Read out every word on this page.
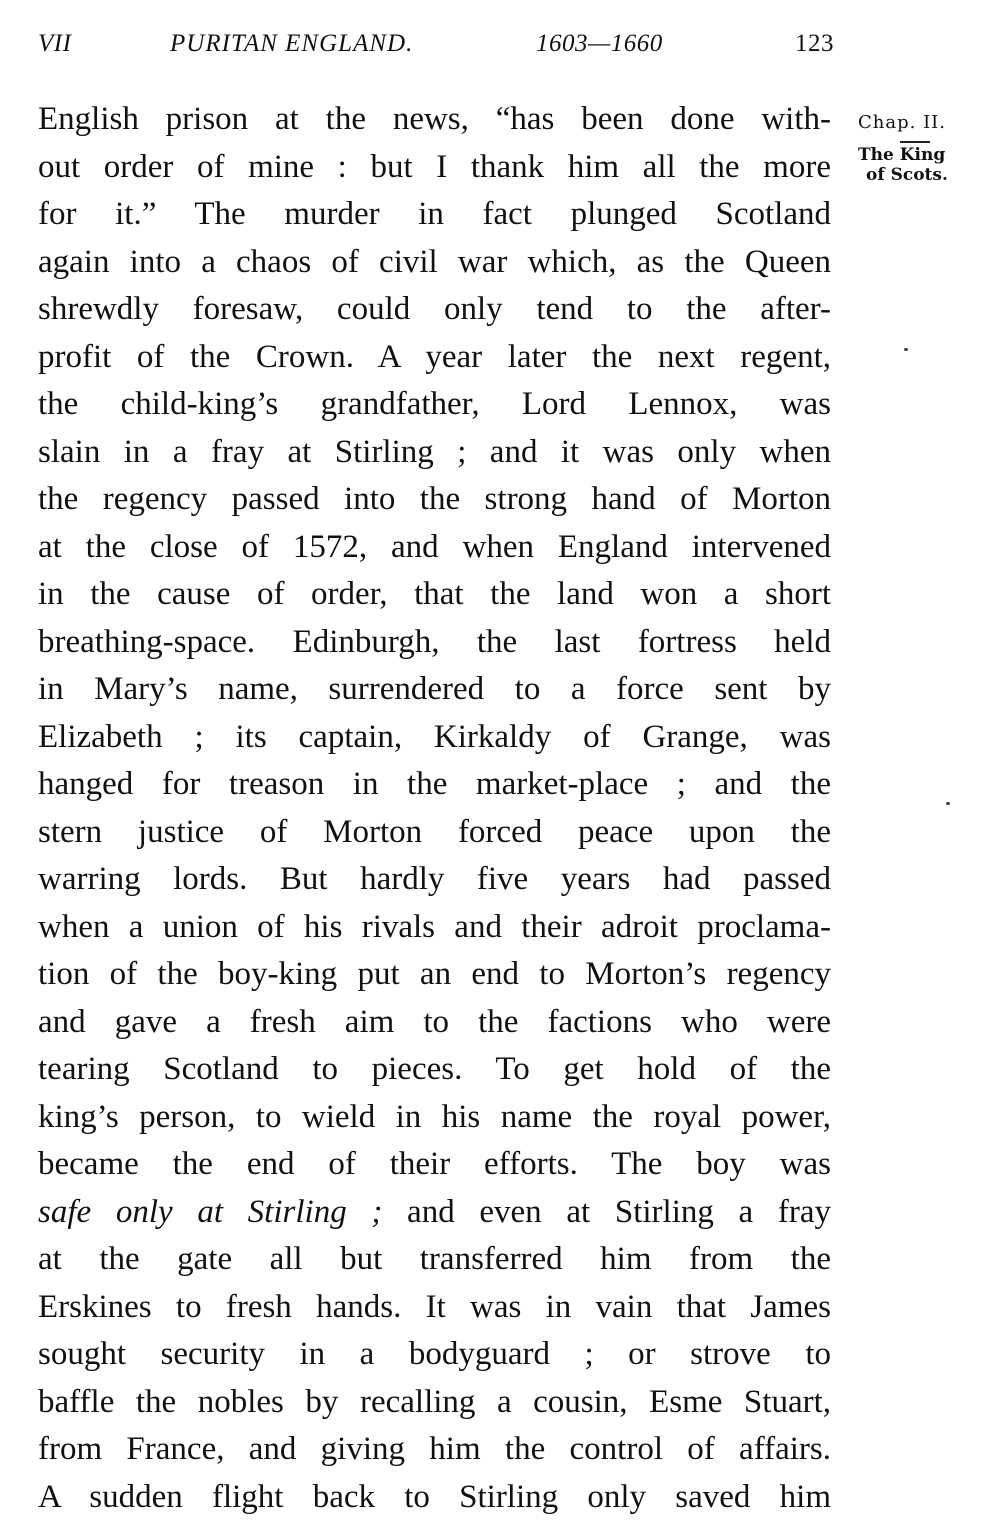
VII	PURITAN ENGLAND.	1603—1660	123
English prison at the news, “has been done with-
out order of mine : but I thank him all the more
for it.” The murder in fact plunged Scotland
again into a chaos of civil war which, as the Queen
shrewdly foresaw, could only tend to the after-
profit of the Crown. A year later the next regent,
the child-king’s grandfather, Lord Lennox, was
slain in a fray at Stirling ; and it was only when
the regency passed into the strong hand of Morton
at the close of 1572, and when England intervened
in the cause of order, that the land won a short
breathing-space. Edinburgh, the last fortress held
in Mary’s name, surrendered to a force sent by
Elizabeth ; its captain, Kirkaldy of Grange, was
hanged for treason in the market-place ; and the
stern justice of Morton forced peace upon the
warring lords. But hardly five years had passed
when a union of his rivals and their adroit proclama-
tion of the boy-king put an end to Morton’s regency
and gave a fresh aim to the factions who were
tearing Scotland to pieces. To get hold of the
king’s person, to wield in his name the royal power,
became the end of their efforts. The boy was
safe only at Stirling ; and even at Stirling a fray
at the gate all but transferred him from the
Erskines to fresh hands. It was in vain that James
sought security in a bodyguard ; or strove to
baffle the nobles by recalling a cousin, Esme Stuart,
from France, and giving him the control of affairs.
A sudden flight back to Stirling only saved him
Chap. II.
The King
of Scots.
